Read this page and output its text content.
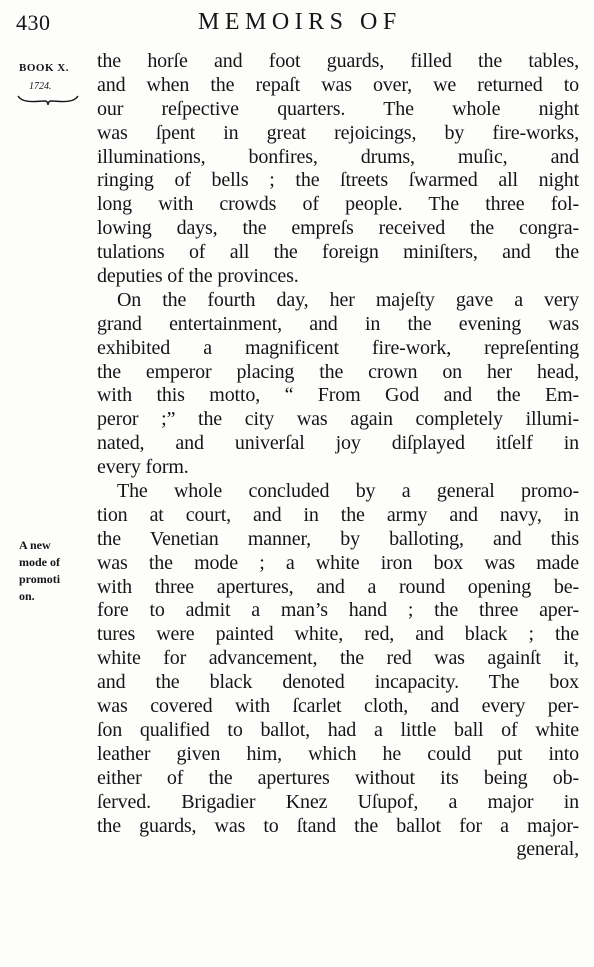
430	MEMOIRS OF
BOOK X.
1724.
A new
mode of
promoti
on.
the horſe and foot guards, filled the tables,
and when the repaſt was over, we returned to
our reſpective quarters. The whole night
was ſpent in great rejoicings, by fire-works,
illuminations, bonfires, drums, muſic, and
ringing of bells ; the ſtreets ſwarmed all night
long with crowds of people. The three fol-
lowing days, the empreſs received the congra-
tulations of all the foreign miniſters, and the
deputies of the provinces.
On the fourth day, her majeſty gave a very
grand entertainment, and in the evening was
exhibited a magnificent fire-work, repreſenting
the emperor placing the crown on her head,
with this motto, “ From God and the Em-
peror ;” the city was again completely illumi-
nated, and univerſal joy diſplayed itſelf in
every form.
The whole concluded by a general promo-
tion at court, and in the army and navy, in
the Venetian manner, by balloting, and this
was the mode ; a white iron box was made
with three apertures, and a round opening be-
fore to admit a man’s hand ; the three aper-
tures were painted white, red, and black ; the
white for advancement, the red was againſt it,
and the black denoted incapacity. The box
was covered with ſcarlet cloth, and every per-
ſon qualified to ballot, had a little ball of white
leather given him, which he could put into
either of the apertures without its being ob-
ſerved. Brigadier Knez Uſupof, a major in
the guards, was to ſtand the ballot for a major-
general,
